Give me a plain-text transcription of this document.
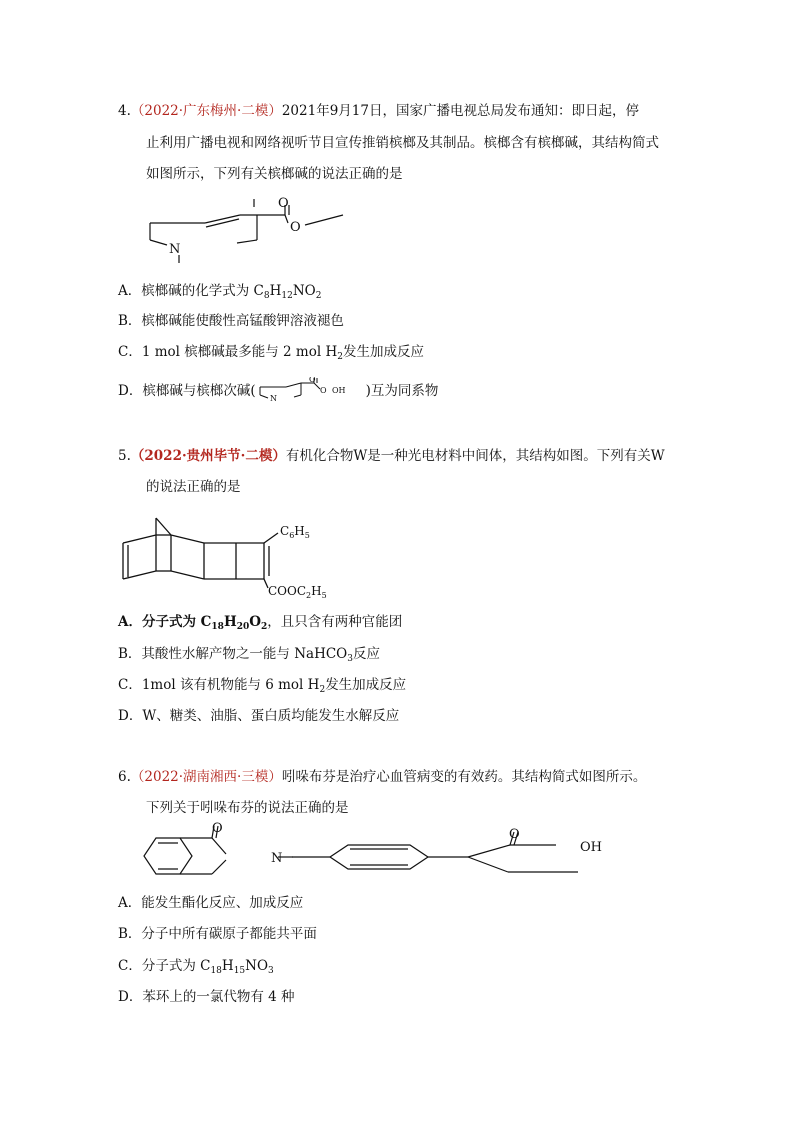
4.（2022·广东梅州·二模）2021年9月17日，国家广播电视总局发布通知：即日起，停
止利用广播电视和网络视听节目宣传推销槟榔及其制品。槟榔含有槟榔碱，其结构简式
如图所示，下列有关槟榔碱的说法正确的是
O
O
N
A．槟榔碱的化学式为 $C_8H_{12}NO_2$
B．槟榔碱能使酸性高锰酸钾溶液褪色
C．1 mol 槟榔碱最多能与 2 mol $H_2$发生加成反应
D．槟榔碱与槟榔次碱(
O
O OH
N	)互为同系物
5.（2022·贵州毕节·二模）有机化合物W是一种光电材料中间体，其结构如图。下列有关W
的说法正确的是
$C_6H_5$
$COOC_2H_5$
A．分子式为 $C_{18}H_{20}O_2$，且只含有两种官能团
B．其酸性水解产物之一能与 NaHCO$_3$反应
C．1mol 该有机物能与 6 mol $H_2$发生加成反应
D．W、糖类、油脂、蛋白质均能发生水解反应
6.（2022·湖南湘西·三模）吲哚布芬是治疗心血管病变的有效药。其结构简式如图所示。
下列关于吲哚布芬的说法正确的是
O
N
O
OH
A．能发生酯化反应、加成反应
B．分子中所有碳原子都能共平面
C．分子式为 $C_{18}H_{15}NO_3$
D．苯环上的一氯代物有 4 种
